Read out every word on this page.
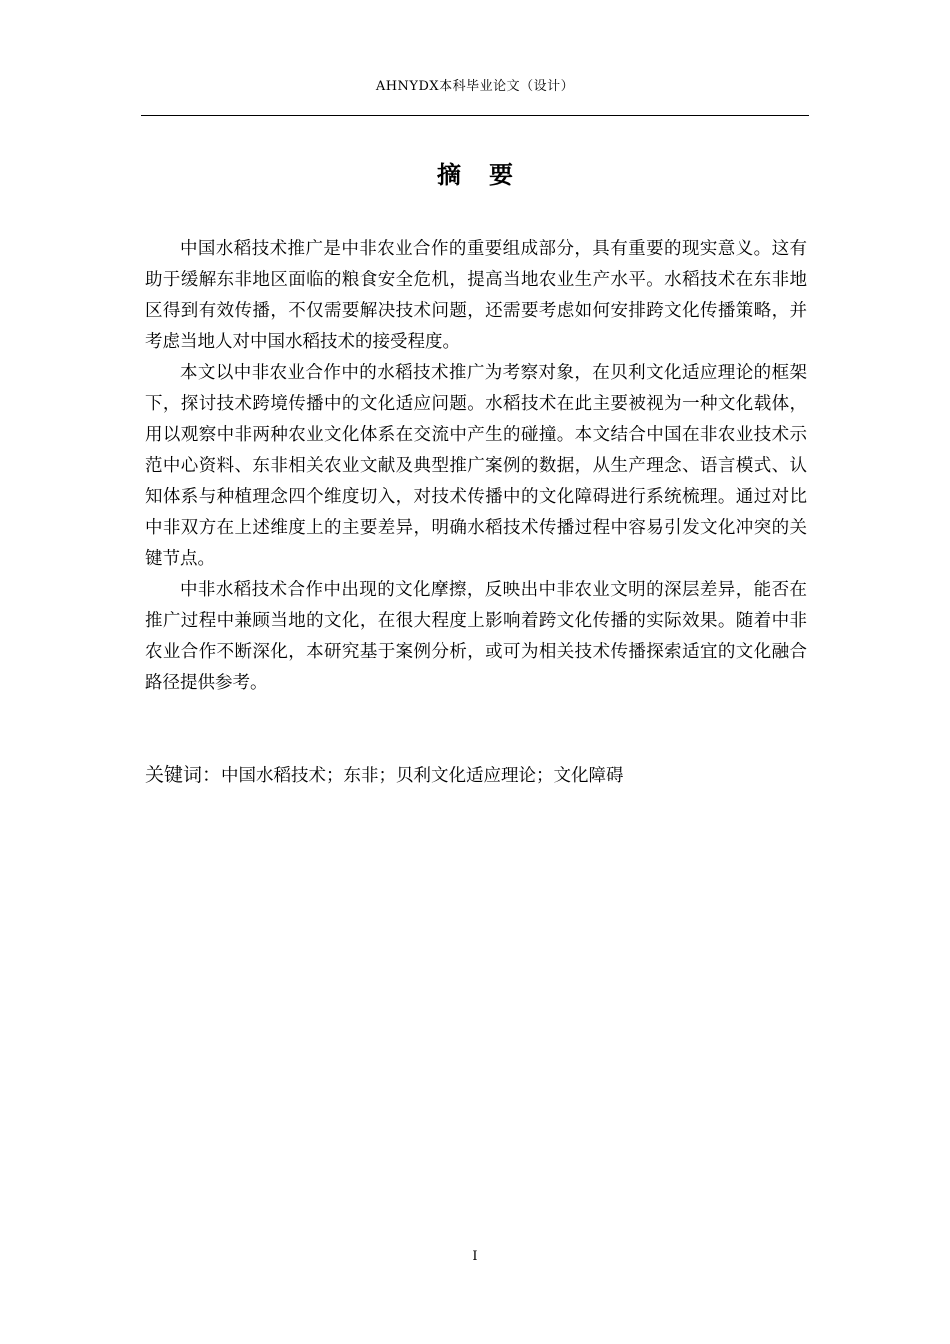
AHNYDX本科毕业论文（设计）
摘要

中国水稻技术推广是中非农业合作的重要组成部分，具有重要的现实意义。这有助于缓解东非地区面临的粮食安全危机，提高当地农业生产水平。水稻技术在东非地区得到有效传播，不仅需要解决技术问题，还需要考虑如何安排跨文化传播策略，并考虑当地人对中国水稻技术的接受程度。

本文以中非农业合作中的水稻技术推广为考察对象，在贝利文化适应理论的框架下，探讨技术跨境传播中的文化适应问题。水稻技术在此主要被视为一种文化载体，用以观察中非两种农业文化体系在交流中产生的碰撞。本文结合中国在非农业技术示范中心资料、东非相关农业文献及典型推广案例的数据，从生产理念、语言模式、认知体系与种植理念四个维度切入，对技术传播中的文化障碍进行系统梳理。通过对比中非双方在上述维度上的主要差异，明确水稻技术传播过程中容易引发文化冲突的关键节点。

中非水稻技术合作中出现的文化摩擦，反映出中非农业文明的深层差异，能否在推广过程中兼顾当地的文化，在很大程度上影响着跨文化传播的实际效果。随着中非农业合作不断深化，本研究基于案例分析，或可为相关技术传播探索适宜的文化融合路径提供参考。

关键词：中国水稻技术；东非；贝利文化适应理论；文化障碍
I
